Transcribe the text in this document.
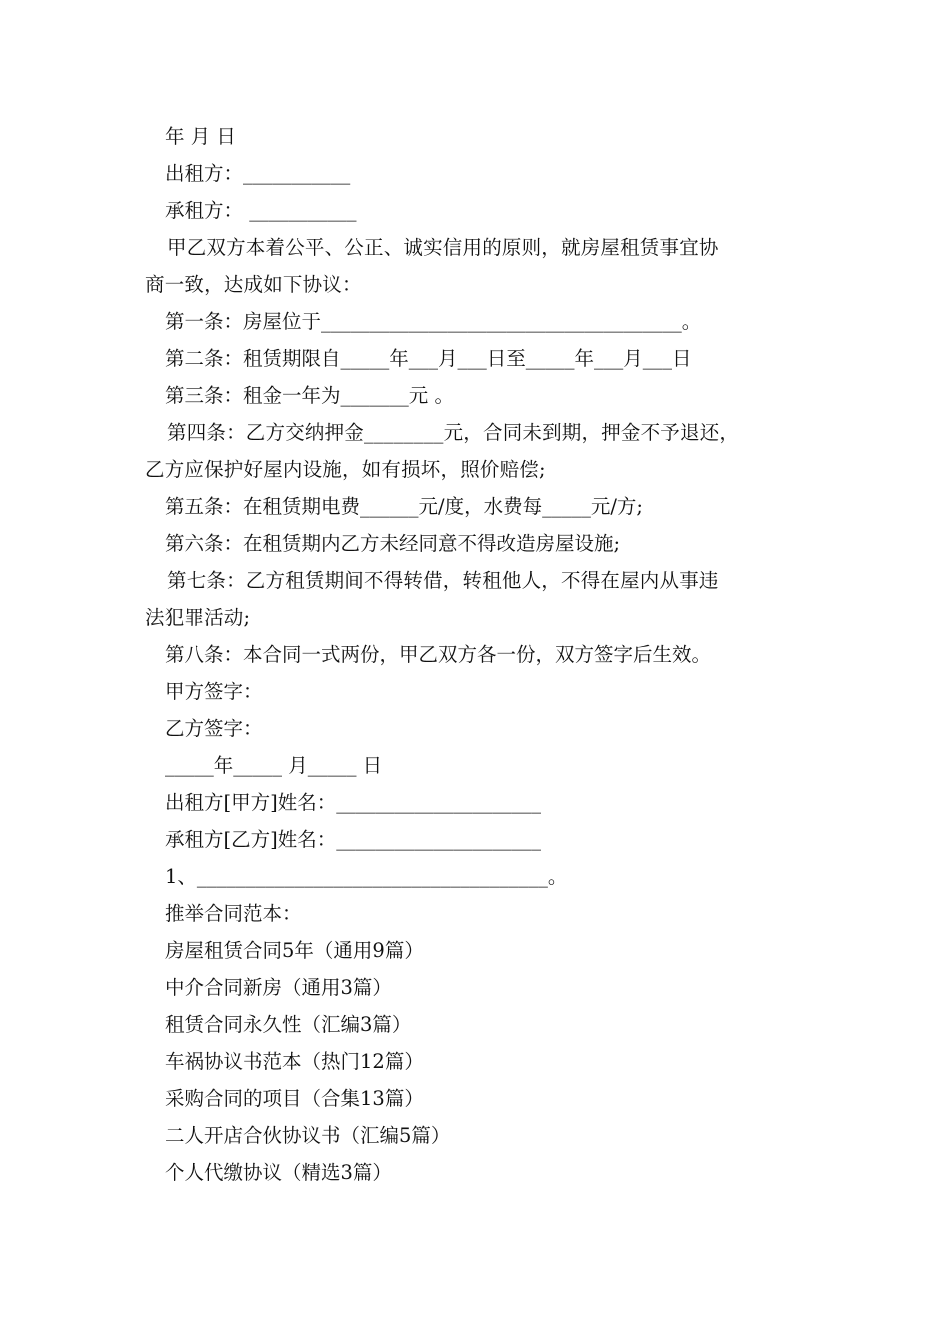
年 月 日
出租方：___________
承租方： ___________
甲乙双方本着公平、公正、诚实信用的原则，就房屋租赁事宜协
商一致，达成如下协议：
第一条：房屋位于_____________________________________。
第二条：租赁期限自_____年___月___日至_____年___月___日
第三条：租金一年为_______元 。
第四条：乙方交纳押金________元，合同未到期，押金不予退还，
乙方应保护好屋内设施，如有损坏，照价赔偿;
第五条：在租赁期电费______元/度，水费每_____元/方;
第六条：在租赁期内乙方未经同意不得改造房屋设施;
第七条：乙方租赁期间不得转借，转租他人，不得在屋内从事违
法犯罪活动;
第八条：本合同一式两份，甲乙双方各一份，双方签字后生效。
甲方签字：
乙方签字：
_____年_____ 月_____ 日
出租方[甲方]姓名：_____________________
承租方[乙方]姓名：_____________________
1、____________________________________。
推举合同范本：
房屋租赁合同5年（通用9篇）
中介合同新房（通用3篇）
租赁合同永久性（汇编3篇）
车祸协议书范本（热门12篇）
采购合同的项目（合集13篇）
二人开店合伙协议书（汇编5篇）
个人代缴协议（精选3篇）
